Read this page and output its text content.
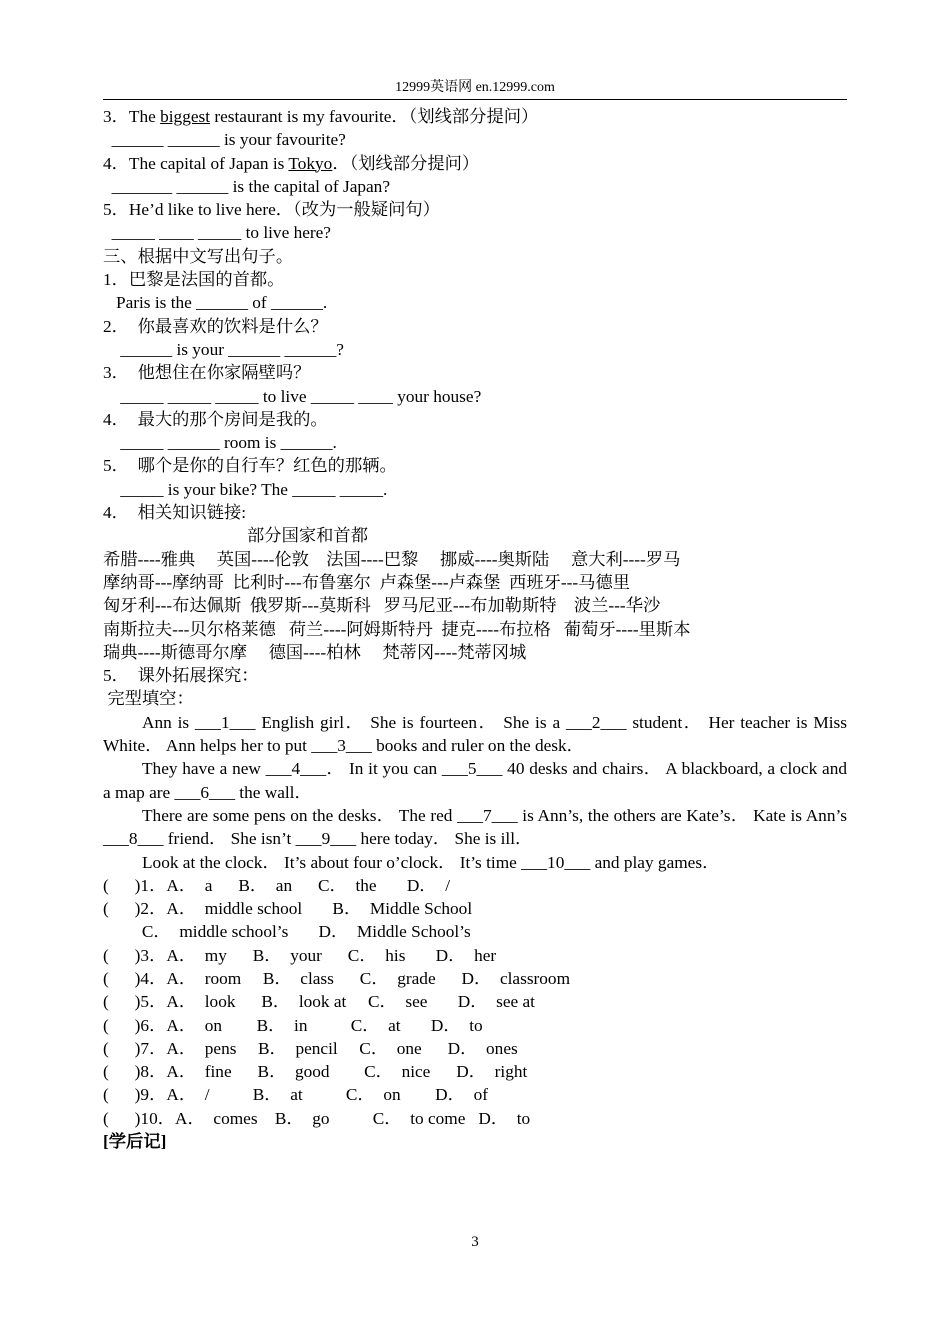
12999英语网 en.12999.com
3．The biggest restaurant is my favourite．（划线部分提问）
______ ______ is your favourite?
4．The capital of Japan is Tokyo．（划线部分提问）
_______ ______ is the capital of Japan?
5．He’d like to live here．（改为一般疑问句）
_____ ____ _____ to live here?
三、根据中文写出句子。
1．巴黎是法国的首都。
Paris is the ______ of ______.
2．  你最喜欢的饮料是什么？
______ is your ______ ______?
3．  他想住在你家隔壁吗？
_____ _____ _____ to live _____ ____ your house?
4．  最大的那个房间是我的。
_____ ______ room is ______.
5．  哪个是你的自行车？红色的那辆。
_____ is your bike? The _____ _____.
4．  相关知识链接:
部分国家和首都
希腊----雅典     英国----伦敦    法国----巴黎     挪威----奥斯陆     意大利----罗马
摩纳哥---摩纳哥  比利时---布鲁塞尔  卢森堡---卢森堡  西班牙---马德里
匈牙利---布达佩斯  俄罗斯---莫斯科   罗马尼亚---布加勒斯特    波兰---华沙
南斯拉夫---贝尔格莱德   荷兰----阿姆斯特丹  捷克----布拉格   葡萄牙----里斯本
瑞典----斯德哥尔摩     德国----柏林     梵蒂冈----梵蒂冈城
5．  课外拓展探究：
完型填空：
Ann is ___1___ English girl． She is fourteen． She is a ___2___ student． Her teacher is Miss White． Ann helps her to put ___3___ books and ruler on the desk．
They have a new ___4___． In it you can ___5___ 40 desks and chairs． A blackboard, a clock and a map are ___6___ the wall．
There are some pens on the desks． The red ___7___ is Ann’s, the others are Kate’s． Kate is Ann’s ___8___ friend． She isn’t ___9___ here today． She is ill．
Look at the clock． It’s about four o’clock． It’s time ___10___ and play games．
(      )1．A．  a      B．  an      C．  the       D．  /
(      )2．A．  middle school       B．  Middle School
C．  middle school’s       D．  Middle School’s
(      )3．A．  my      B．  your      C．  his       D．  her
(      )4．A．  room     B．  class      C．  grade      D．  classroom
(      )5．A．  look      B．  look at     C．  see       D．  see at
(      )6．A．  on        B．  in          C．  at       D．  to
(      )7．A．  pens     B．  pencil     C．  one      D．  ones
(      )8．A．  fine      B．  good        C．  nice      D．  right
(      )9．A．  /          B．  at          C．  on        D．  of
(      )10．A．  comes    B．  go          C．  to come   D．  to
[学后记]
3
